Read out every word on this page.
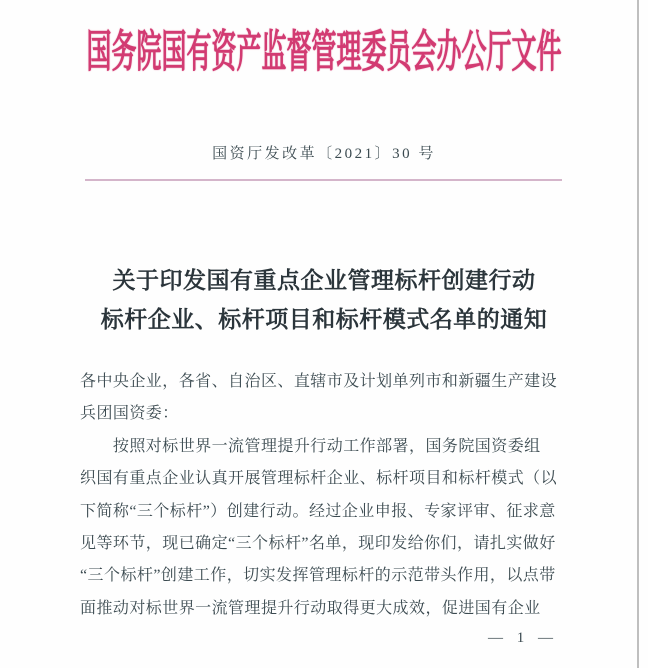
国务院国有资产监督管理委员会办公厅文件
国资厅发改革〔2021〕30 号
关于印发国有重点企业管理标杆创建行动
标杆企业、标杆项目和标杆模式名单的通知
各中央企业，各省、自治区、直辖市及计划单列市和新疆生产建设
兵团国资委：
　　按照对标世界一流管理提升行动工作部署，国务院国资委组
织国有重点企业认真开展管理标杆企业、标杆项目和标杆模式（以
下简称“三个标杆”）创建行动。经过企业申报、专家评审、征求意
见等环节，现已确定“三个标杆”名单，现印发给你们，请扎实做好
“三个标杆”创建工作，切实发挥管理标杆的示范带头作用，以点带
面推动对标世界一流管理提升行动取得更大成效，促进国有企业
— 1 —
